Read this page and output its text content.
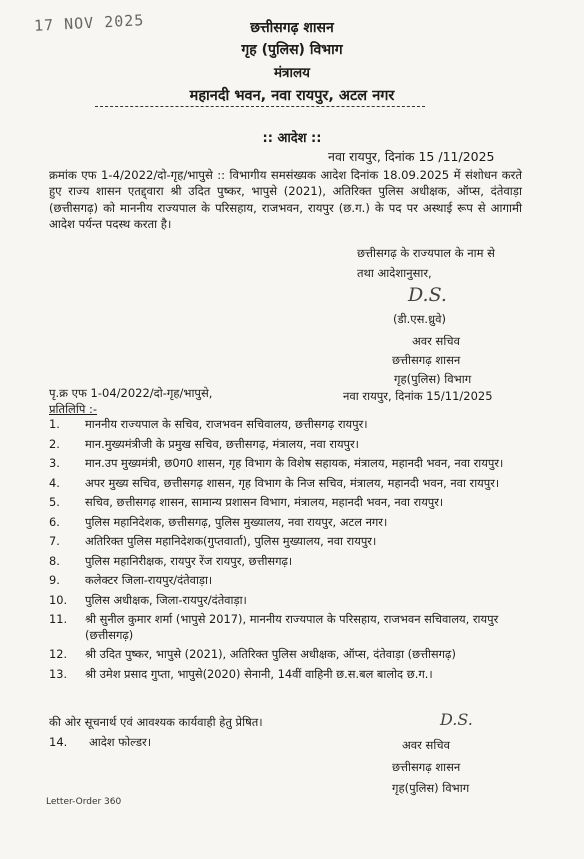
17 NOV 2025	छत्तीसगढ़ शासन
गृह (पुलिस) विभाग
मंत्रालय
महानदी भवन, नवा रायपुर, अटल नगर
:: आदेश ::
नवा रायपुर, दिनांक 15 /11/2025
क्रमांक एफ 1-4/2022/दो-गृह/भापुसे :: विभागीय समसंख्यक आदेश दिनांक 18.09.2025 में संशोधन करते हुए राज्य शासन एतद्द्वारा श्री उदित पुष्कर, भापुसे (2021), अतिरिक्त पुलिस अधीक्षक, ऑप्स, दंतेवाड़ा (छत्तीसगढ़) को माननीय राज्यपाल के परिसहाय, राजभवन, रायपुर (छ.ग.) के पद पर अस्थाई रूप से आगामी आदेश पर्यन्त पदस्थ करता है।
छत्तीसगढ़ के राज्यपाल के नाम से
तथा आदेशानुसार,
D.S.
(डी.एस.ध्रुवे)
अवर सचिव
छत्तीसगढ़ शासन
गृह(पुलिस) विभाग
पृ.क्र एफ 1-04/2022/दो-गृह/भापुसे,	नवा रायपुर, दिनांक 15/11/2025
प्रतिलिपि :-
1. माननीय राज्यपाल के सचिव, राजभवन सचिवालय, छत्तीसगढ़ रायपुर।
2. मान.मुख्यमंत्रीजी के प्रमुख सचिव, छत्तीसगढ़, मंत्रालय, नवा रायपुर।
3. मान.उप मुख्यमंत्री, छ0ग0 शासन, गृह विभाग के विशेष सहायक, मंत्रालय, महानदी भवन, नवा रायपुर।
4. अपर मुख्य सचिव, छत्तीसगढ़ शासन, गृह विभाग के निज सचिव, मंत्रालय, महानदी भवन, नवा रायपुर।
5. सचिव, छत्तीसगढ़ शासन, सामान्य प्रशासन विभाग, मंत्रालय, महानदी भवन, नवा रायपुर।
6. पुलिस महानिदेशक, छत्तीसगढ़, पुलिस मुख्यालय, नवा रायपुर, अटल नगर।
7. अतिरिक्त पुलिस महानिदेशक(गुप्तवार्ता), पुलिस मुख्यालय, नवा रायपुर।
8. पुलिस महानिरीक्षक, रायपुर रेंज रायपुर, छत्तीसगढ़।
9. कलेक्टर जिला-रायपुर/दंतेवाड़ा।
10. पुलिस अधीक्षक, जिला-रायपुर/दंतेवाड़ा।
11. श्री सुनील कुमार शर्मा (भापुसे 2017), माननीय राज्यपाल के परिसहाय, राजभवन सचिवालय, रायपुर (छत्तीसगढ़)
12. श्री उदित पुष्कर, भापुसे (2021), अतिरिक्त पुलिस अधीक्षक, ऑप्स, दंतेवाड़ा (छत्तीसगढ़)
13. श्री उमेश प्रसाद गुप्ता, भापुसे(2020) सेनानी, 14वीं वाहिनी छ.स.बल बालोद छ.ग.।
की ओर सूचनार्थ एवं आवश्यक कार्यवाही हेतु प्रेषित।
14. आदेश फोल्डर।
D.S.
अवर सचिव
छत्तीसगढ़ शासन
गृह(पुलिस) विभाग
Letter-Order 360
